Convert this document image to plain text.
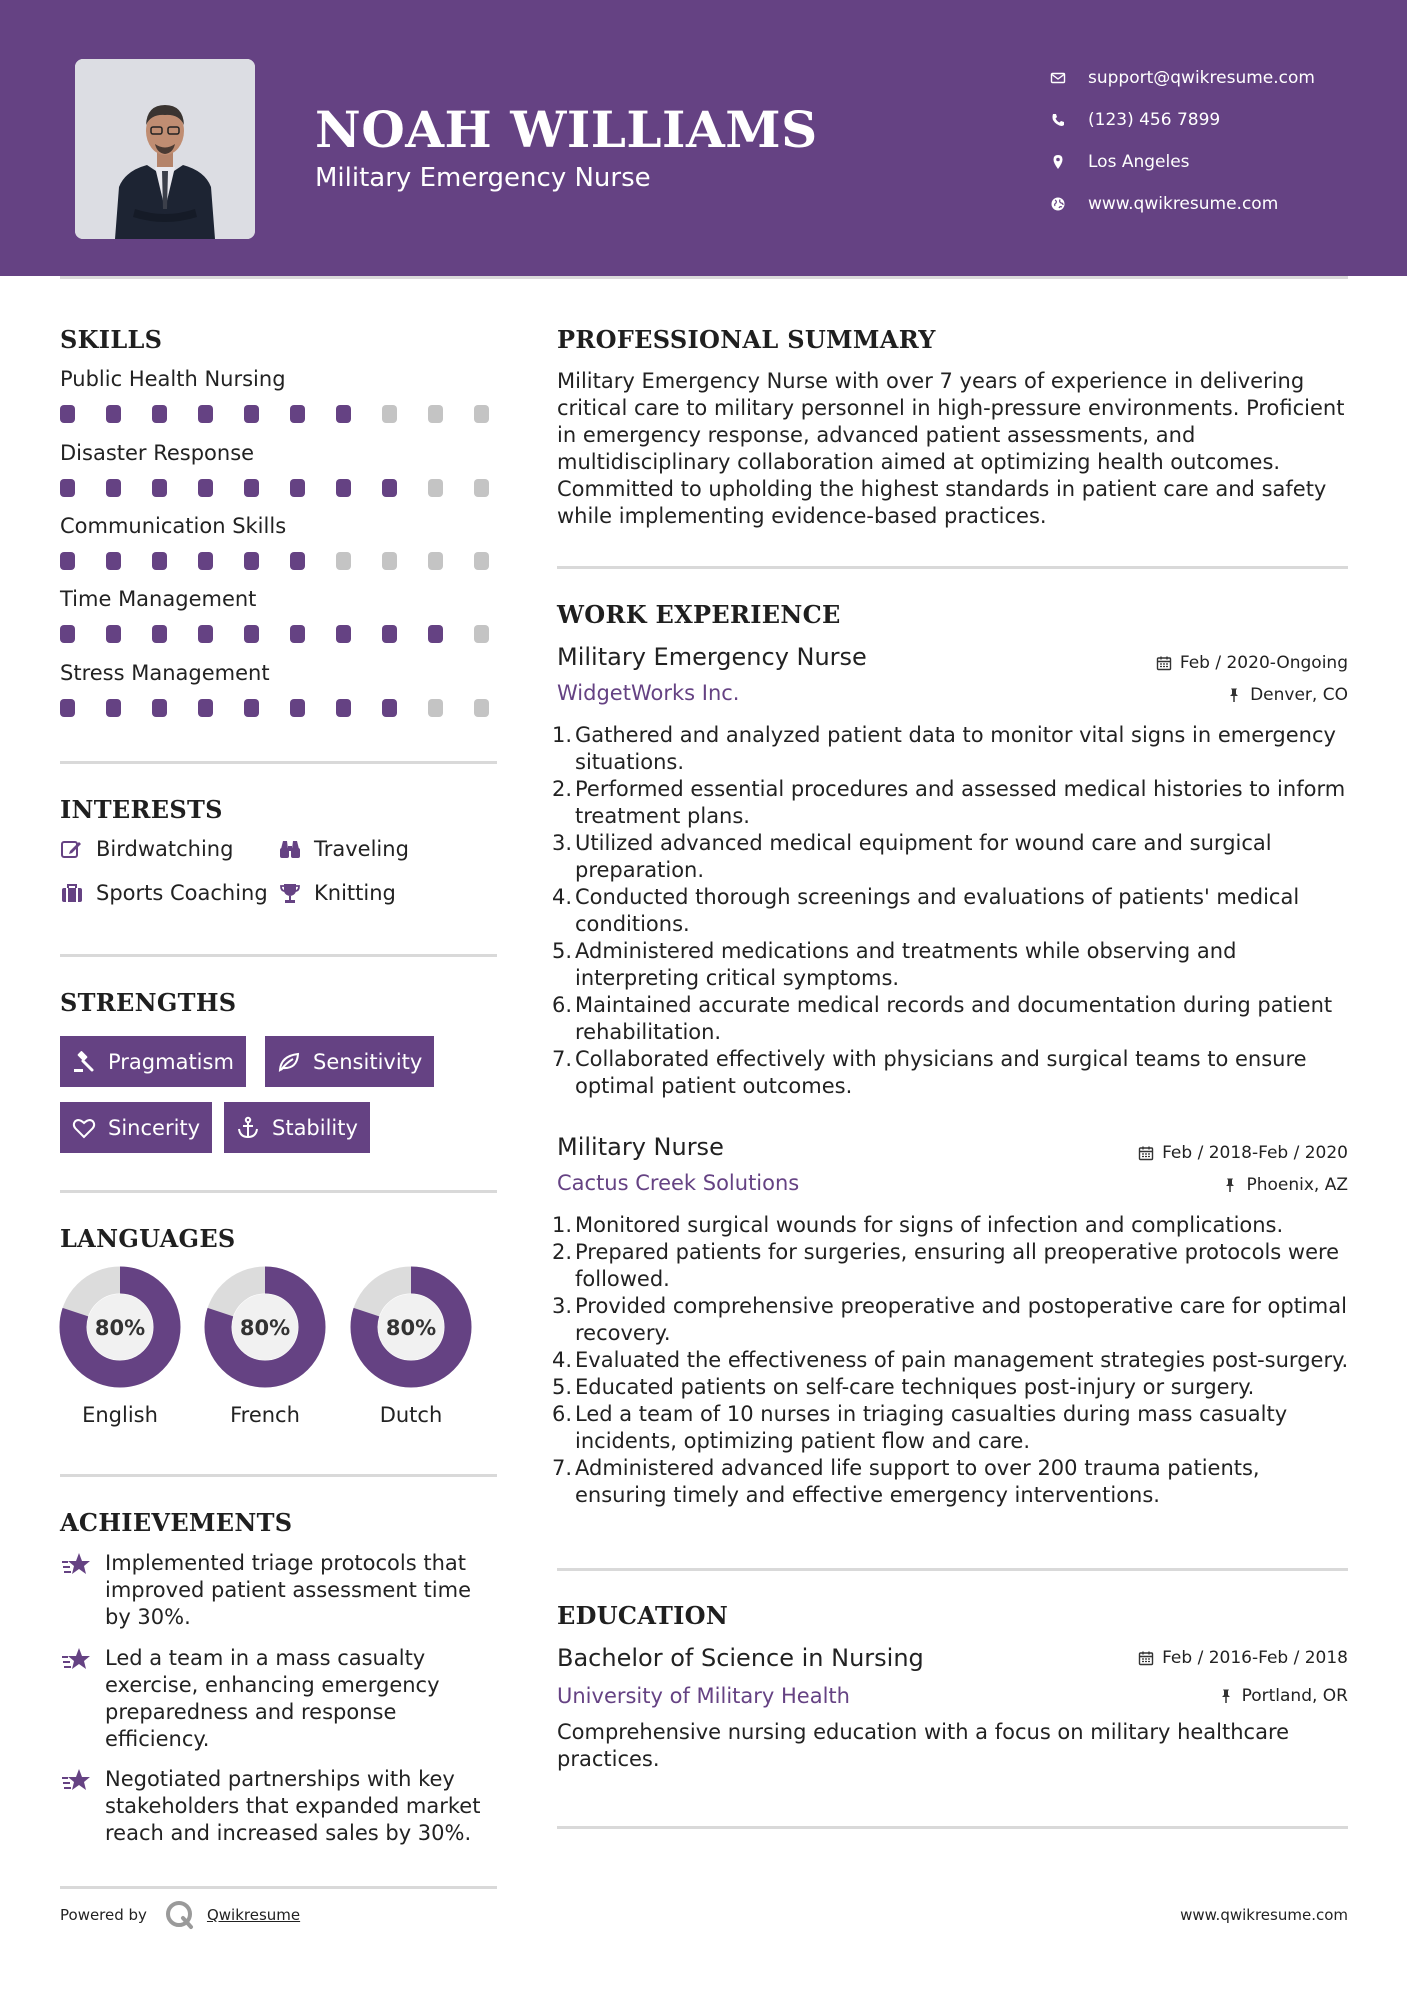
NOAH WILLIAMS
Military Emergency Nurse
support@qwikresume.com
(123) 456 7899
Los Angeles
www.qwikresume.com
SKILLS
Public Health Nursing
Disaster Response
Communication Skills
Time Management
Stress Management
INTERESTS
Birdwatching	Traveling
Sports Coaching Knitting
STRENGTHS
Pragmatism	Sensitivity
Sincerity	Stability
LANGUAGES
80%	80%	80%
English	French	Dutch
ACHIEVEMENTS
Implemented triage protocols that improved patient assessment time by 30%.
Led a team in a mass casualty exercise, enhancing emergency preparedness and response efficiency.
Negotiated partnerships with key stakeholders that expanded market reach and increased sales by 30%.
PROFESSIONAL SUMMARY
Military Emergency Nurse with over 7 years of experience in delivering critical care to military personnel in high-pressure environments. Proficient in emergency response, advanced patient assessments, and multidisciplinary collaboration aimed at optimizing health outcomes. Committed to upholding the highest standards in patient care and safety while implementing evidence-based practices.
WORK EXPERIENCE
Military Emergency Nurse	Feb / 2020-Ongoing
WidgetWorks Inc.	Denver, CO
Gathered and analyzed patient data to monitor vital signs in emergency situations.
Performed essential procedures and assessed medical histories to inform treatment plans.
Utilized advanced medical equipment for wound care and surgical preparation.
Conducted thorough screenings and evaluations of patients' medical conditions.
Administered medications and treatments while observing and interpreting critical symptoms.
Maintained accurate medical records and documentation during patient rehabilitation.
Collaborated effectively with physicians and surgical teams to ensure optimal patient outcomes.
Military Nurse	Feb / 2018-Feb / 2020
Cactus Creek Solutions	Phoenix, AZ
Monitored surgical wounds for signs of infection and complications.
Prepared patients for surgeries, ensuring all preoperative protocols were followed.
Provided comprehensive preoperative and postoperative care for optimal recovery.
Evaluated the effectiveness of pain management strategies post-surgery.
Educated patients on self-care techniques post-injury or surgery.
Led a team of 10 nurses in triaging casualties during mass casualty incidents, optimizing patient flow and care.
Administered advanced life support to over 200 trauma patients, ensuring timely and effective emergency interventions.
EDUCATION
Bachelor of Science in Nursing	Feb / 2016-Feb / 2018
University of Military Health	Portland, OR
Comprehensive nursing education with a focus on military healthcare practices.
Powered by	Qwikresume	www.qwikresume.com
